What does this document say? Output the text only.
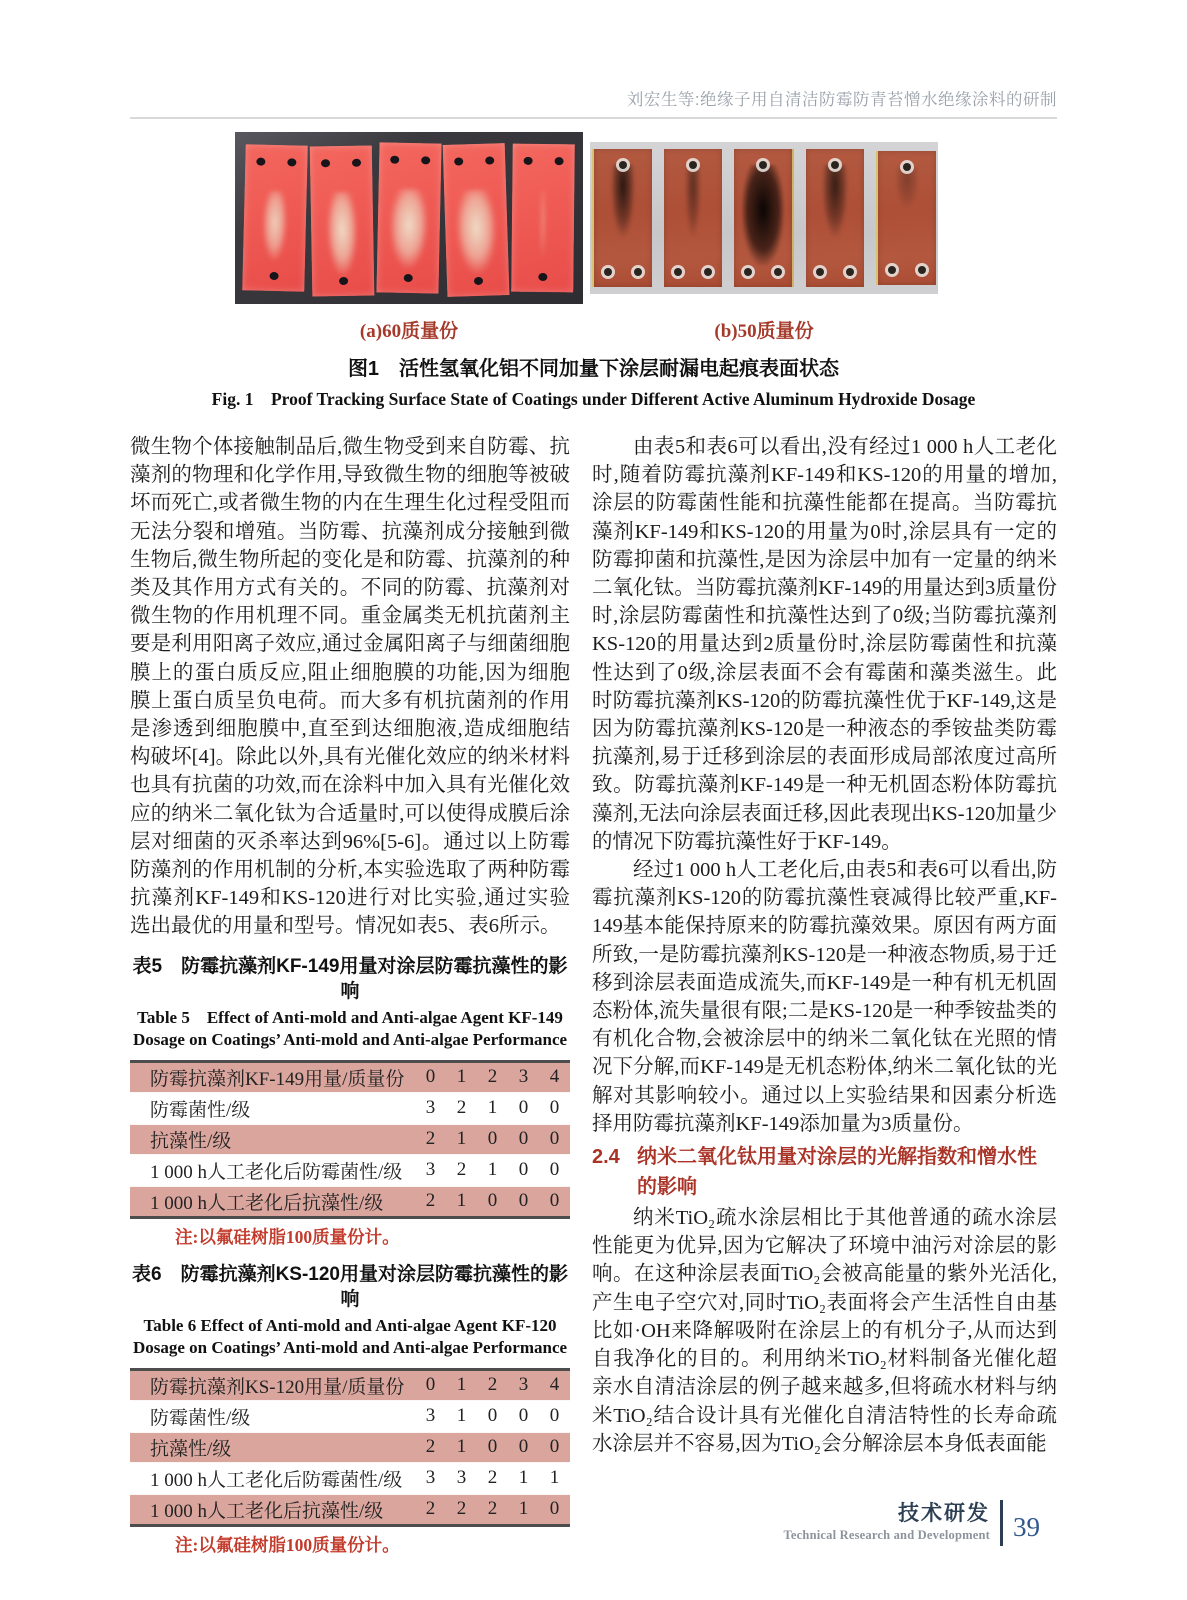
刘宏生等:绝缘子用自清洁防霉防青苔憎水绝缘涂料的研制
(a)60质量份	(b)50质量份
图1　活性氢氧化铝不同加量下涂层耐漏电起痕表面状态
Fig. 1　Proof Tracking Surface State of Coatings under Different Active Aluminum Hydroxide Dosage

微生物个体接触制品后,微生物受到来自防霉、抗藻剂的物理和化学作用,导致微生物的细胞等被破坏而死亡,或者微生物的内在生理生化过程受阻而无法分裂和增殖。当防霉、抗藻剂成分接触到微生物后,微生物所起的变化是和防霉、抗藻剂的种类及其作用方式有关的。不同的防霉、抗藻剂对微生物的作用机理不同。重金属类无机抗菌剂主要是利用阳离子效应,通过金属阳离子与细菌细胞膜上的蛋白质反应,阻止细胞膜的功能,因为细胞膜上蛋白质呈负电荷。而大多有机抗菌剂的作用是渗透到细胞膜中,直至到达细胞液,造成细胞结构破坏[4]。除此以外,具有光催化效应的纳米材料也具有抗菌的功效,而在涂料中加入具有光催化效应的纳米二氧化钛为合适量时,可以使得成膜后涂层对细菌的灭杀率达到96%[5-6]。通过以上防霉防藻剂的作用机制的分析,本实验选取了两种防霉抗藻剂KF-149和KS-120进行对比实验,通过实验选出最优的用量和型号。情况如表5、表6所示。

表5　防霉抗藻剂KF-149用量对涂层防霉抗藻性的影响
Table 5　Effect of Anti-mold and Anti-algae Agent KF-149 Dosage on Coatings’ Anti-mold and Anti-algae Performance
防霉抗藻剂KF-149用量/质量份	0	1	2	3	4
防霉菌性/级	3	2	1	0	0
抗藻性/级	2	1	0	0	0
1 000 h人工老化后防霉菌性/级	3	2	1	0	0
1 000 h人工老化后抗藻性/级	2	1	0	0	0
注:以氟硅树脂100质量份计。
表6　防霉抗藻剂KS-120用量对涂层防霉抗藻性的影响
Table 6 Effect of Anti-mold and Anti-algae Agent KF-120 Dosage on Coatings’ Anti-mold and Anti-algae Performance
防霉抗藻剂KS-120用量/质量份	0	1	2	3	4
防霉菌性/级	3	1	0	0	0
抗藻性/级	2	1	0	0	0
1 000 h人工老化后防霉菌性/级	3	3	2	1	1
1 000 h人工老化后抗藻性/级	2	2	2	1	0
注:以氟硅树脂100质量份计。

由表5和表6可以看出,没有经过1 000 h人工老化时,随着防霉抗藻剂KF-149和KS-120的用量的增加,涂层的防霉菌性能和抗藻性能都在提高。当防霉抗藻剂KF-149和KS-120的用量为0时,涂层具有一定的防霉抑菌和抗藻性,是因为涂层中加有一定量的纳米二氧化钛。当防霉抗藻剂KF-149的用量达到3质量份时,涂层防霉菌性和抗藻性达到了0级;当防霉抗藻剂KS-120的用量达到2质量份时,涂层防霉菌性和抗藻性达到了0级,涂层表面不会有霉菌和藻类滋生。此时防霉抗藻剂KS-120的防霉抗藻性优于KF-149,这是因为防霉抗藻剂KS-120是一种液态的季铵盐类防霉抗藻剂,易于迁移到涂层的表面形成局部浓度过高所致。防霉抗藻剂KF-149是一种无机固态粉体防霉抗藻剂,无法向涂层表面迁移,因此表现出KS-120加量少的情况下防霉抗藻性好于KF-149。

经过1 000 h人工老化后,由表5和表6可以看出,防霉抗藻剂KS-120的防霉抗藻性衰减得比较严重,KF-149基本能保持原来的防霉抗藻效果。原因有两方面所致,一是防霉抗藻剂KS-120是一种液态物质,易于迁移到涂层表面造成流失,而KF-149是一种有机无机固态粉体,流失量很有限;二是KS-120是一种季铵盐类的有机化合物,会被涂层中的纳米二氧化钛在光照的情况下分解,而KF-149是无机态粉体,纳米二氧化钛的光解对其影响较小。通过以上实验结果和因素分析选择用防霉抗藻剂KF-149添加量为3质量份。

2.4 纳米二氧化钛用量对涂层的光解指数和憎水性的影响

纳米TiO₂疏水涂层相比于其他普通的疏水涂层性能更为优异,因为它解决了环境中油污对涂层的影响。在这种涂层表面TiO₂会被高能量的紫外光活化,产生电子空穴对,同时TiO₂表面将会产生活性自由基比如·OH来降解吸附在涂层上的有机分子,从而达到自我净化的目的。利用纳米TiO₂材料制备光催化超亲水自清洁涂层的例子越来越多,但将疏水材料与纳米TiO₂结合设计具有光催化自清洁特性的长寿命疏水涂层并不容易,因为TiO₂会分解涂层本身低表面能

技术研发
Technical Research and Development 39
